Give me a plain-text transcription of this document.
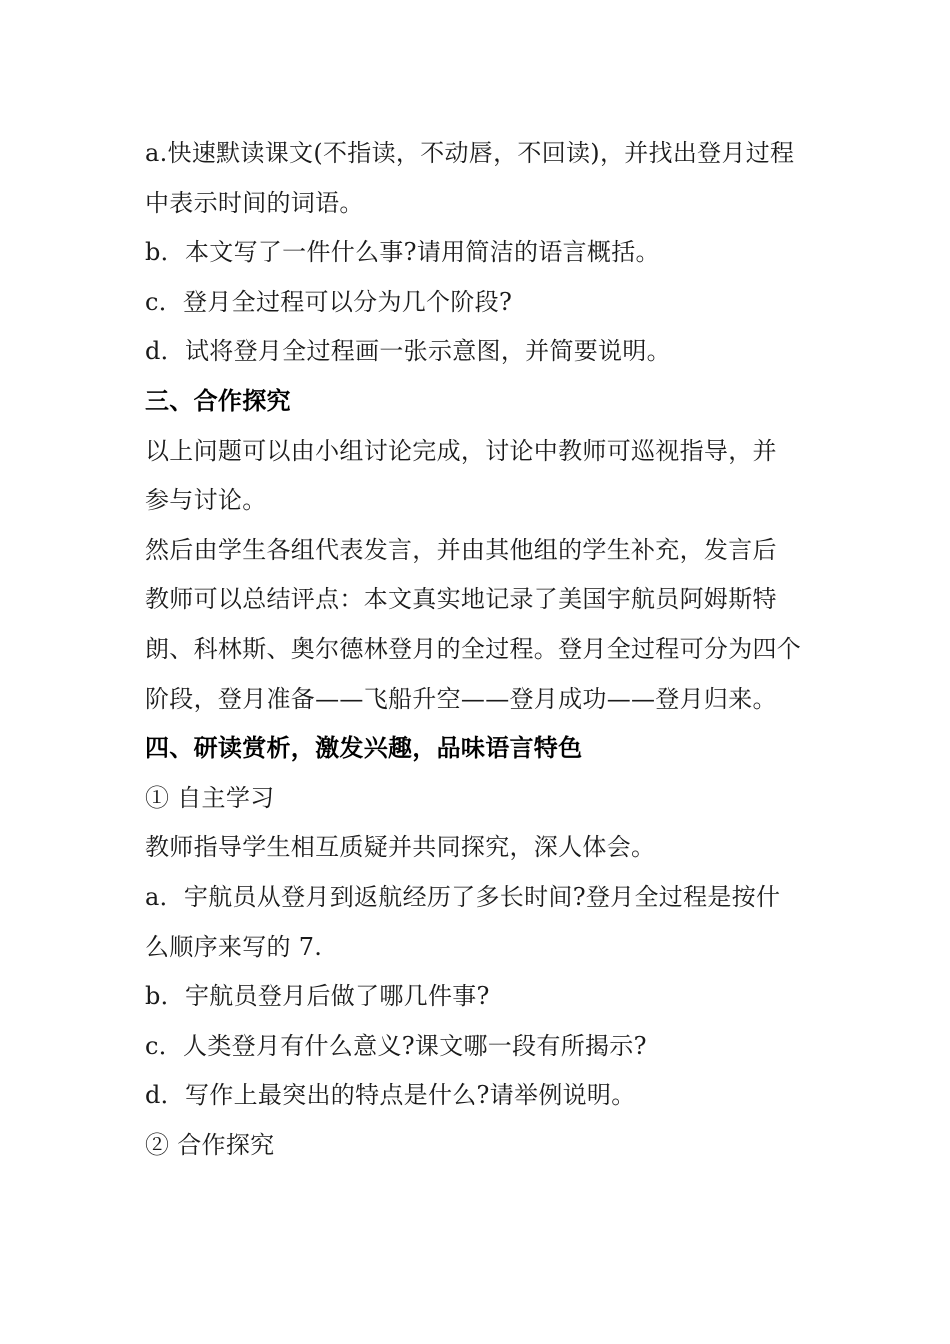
a.快速默读课文(不指读，不动唇，不回读)，并找出登月过程
中表示时间的词语。
b．本文写了一件什么事?请用简洁的语言概括。
c．登月全过程可以分为几个阶段?
d．试将登月全过程画一张示意图，并简要说明。
三、合作探究
以上问题可以由小组讨论完成，讨论中教师可巡视指导，并
参与讨论。
然后由学生各组代表发言，并由其他组的学生补充，发言后
教师可以总结评点：本文真实地记录了美国宇航员阿姆斯特
朗、科林斯、奥尔德林登月的全过程。登月全过程可分为四个
阶段，登月准备——飞船升空——登月成功——登月归来。
四、研读赏析，激发兴趣，品味语言特色
① 自主学习
教师指导学生相互质疑并共同探究，深人体会。
a．宇航员从登月到返航经历了多长时间?登月全过程是按什
么顺序来写的 7.
b．宇航员登月后做了哪几件事?
c．人类登月有什么意义?课文哪一段有所揭示?
d．写作上最突出的特点是什么?请举例说明。
② 合作探究
